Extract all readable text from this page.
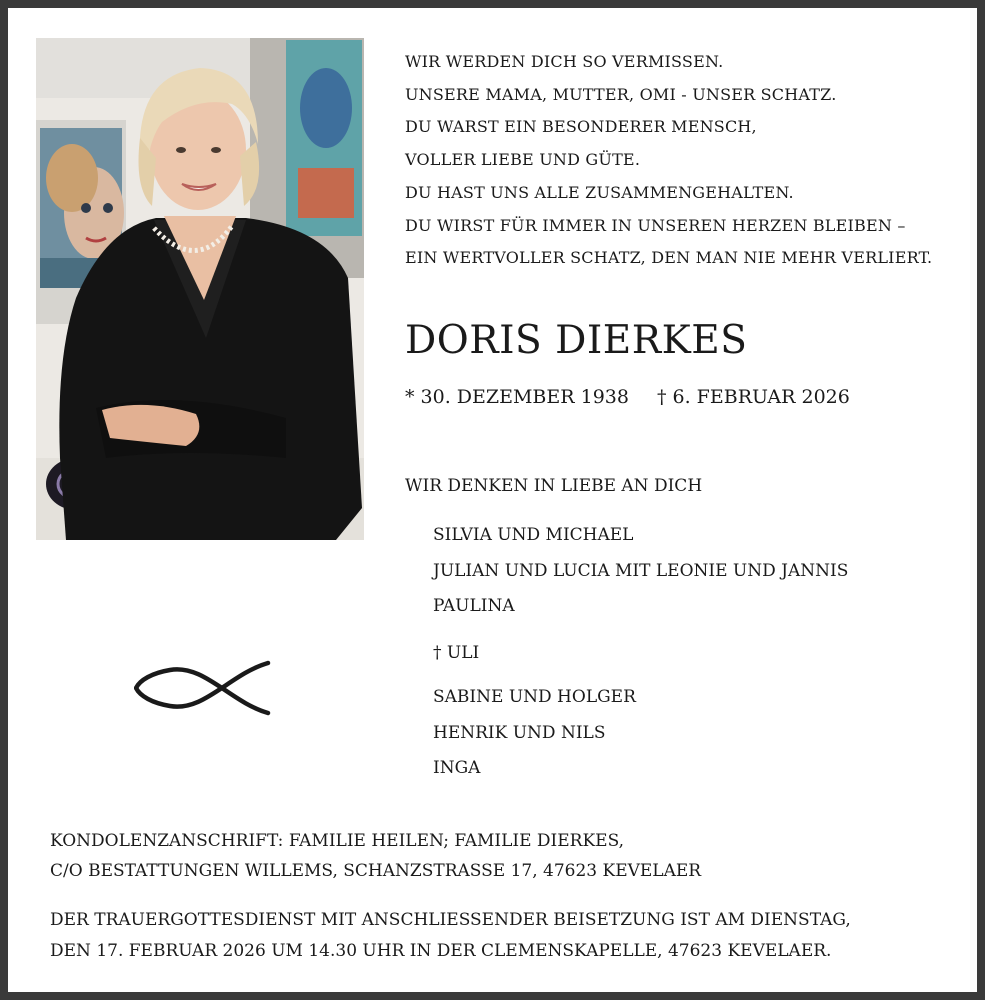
WIR WERDEN DICH SO VERMISSEN.
UNSERE MAMA, MUTTER, OMI - UNSER SCHATZ.
DU WARST EIN BESONDERER MENSCH,
VOLLER LIEBE UND GÜTE.
DU HAST UNS ALLE ZUSAMMENGEHALTEN.
DU WIRST FÜR IMMER IN UNSEREN HERZEN BLEIBEN –
EIN WERTVOLLER SCHATZ, DEN MAN NIE MEHR VERLIERT.
DORIS DIERKES
* 30. DEZEMBER 1938 † 6. FEBRUAR 2026
WIR DENKEN IN LIEBE AN DICH
SILVIA UND MICHAEL
JULIAN UND LUCIA MIT LEONIE UND JANNIS
PAULINA
† ULI
SABINE UND HOLGER
HENRIK UND NILS
INGA
KONDOLENZANSCHRIFT: FAMILIE HEILEN; FAMILIE DIERKES,
C/O BESTATTUNGEN WILLEMS, SCHANZSTRASSE 17, 47623 KEVELAER
DER TRAUERGOTTESDIENST MIT ANSCHLIESSENDER BEISETZUNG IST AM DIENSTAG,
DEN 17. FEBRUAR 2026 UM 14.30 UHR IN DER CLEMENSKAPELLE, 47623 KEVELAER.
